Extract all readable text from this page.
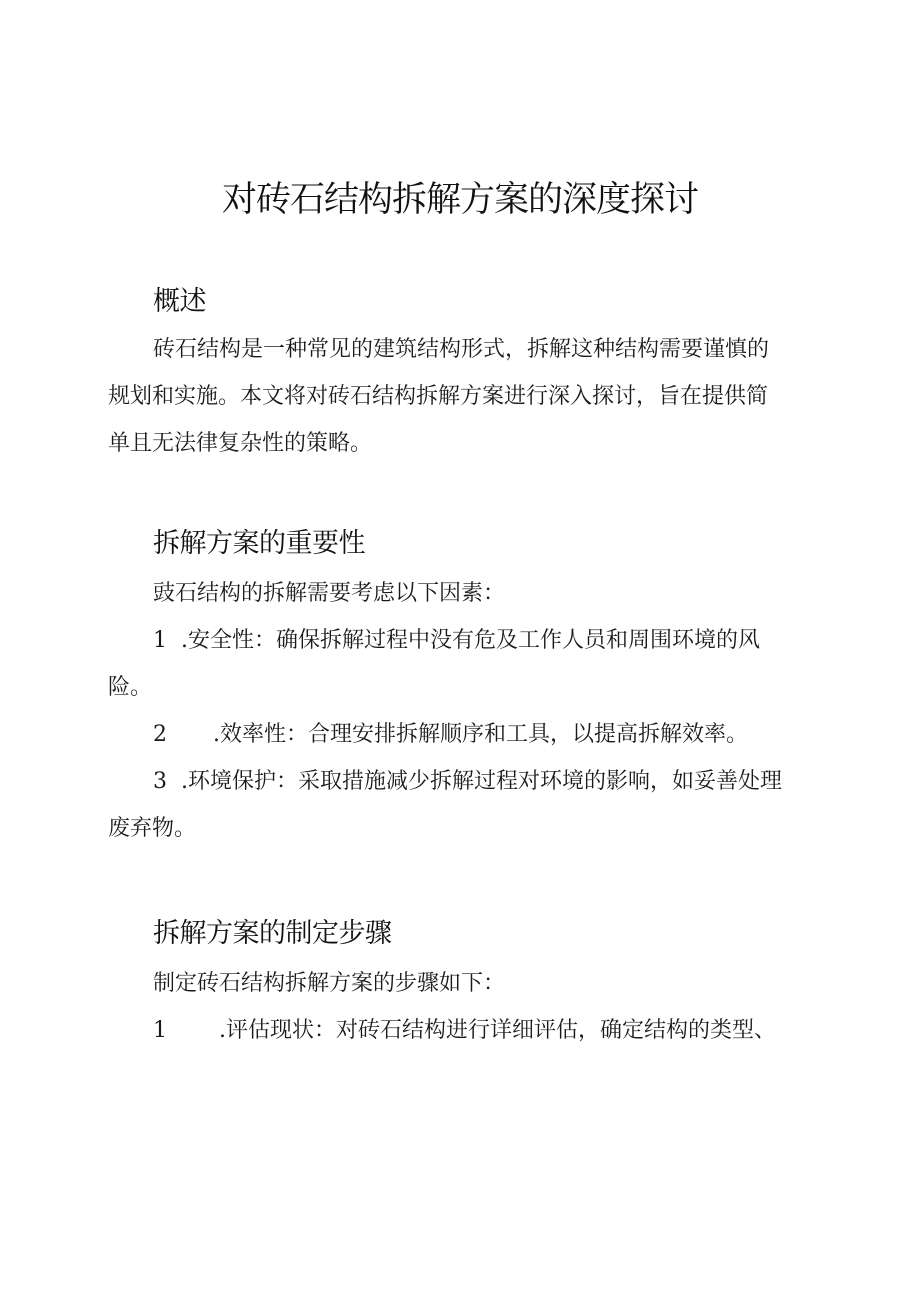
对砖石结构拆解方案的深度探讨
概述
砖石结构是一种常见的建筑结构形式，拆解这种结构需要谨慎的
规划和实施。本文将对砖石结构拆解方案进行深入探讨，旨在提供简
单且无法律复杂性的策略。
拆解方案的重要性
豉石结构的拆解需要考虑以下因素：
1 .安全性：确保拆解过程中没有危及工作人员和周围环境的风
险。
2 .效率性：合理安排拆解顺序和工具，以提高拆解效率。
3 .环境保护：采取措施减少拆解过程对环境的影响，如妥善处理
废弃物。
拆解方案的制定步骤
制定砖石结构拆解方案的步骤如下：
1 .评估现状：对砖石结构进行详细评估，确定结构的类型、
